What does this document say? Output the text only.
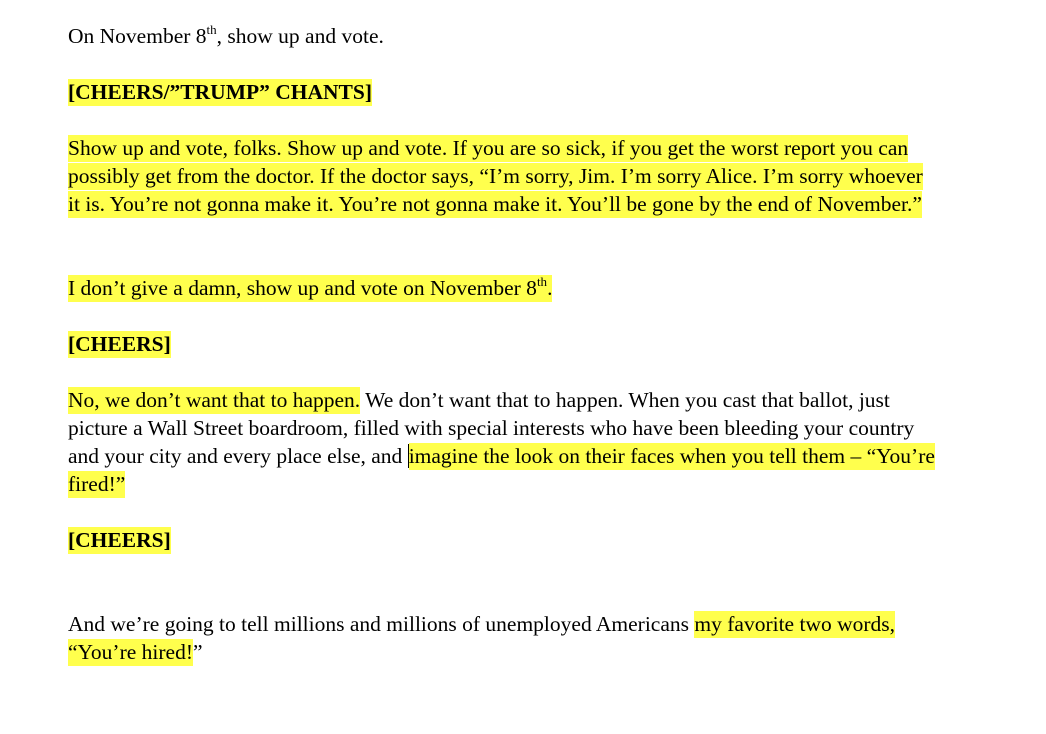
On November 8th, show up and vote.

[CHEERS/”TRUMP” CHANTS]

Show up and vote, folks. Show up and vote. If you are so sick, if you get the worst report you can possibly get from the doctor. If the doctor says, “I’m sorry, Jim. I’m sorry Alice. I’m sorry whoever it is. You’re not gonna make it. You’re not gonna make it. You’ll be gone by the end of November.”

I don’t give a damn, show up and vote on November 8th.

[CHEERS]

No, we don’t want that to happen. We don’t want that to happen. When you cast that ballot, just picture a Wall Street boardroom, filled with special interests who have been bleeding your country and your city and every place else, and imagine the look on their faces when you tell them – “You’re fired!”

[CHEERS]

And we’re going to tell millions and millions of unemployed Americans my favorite two words, “You’re hired!”
